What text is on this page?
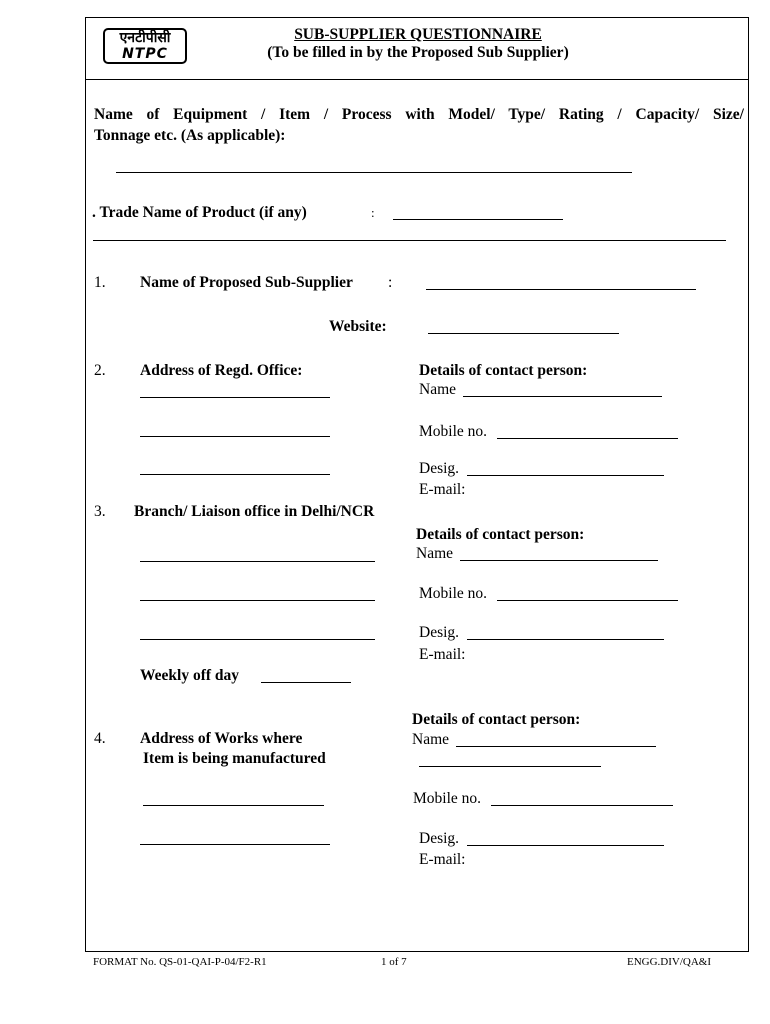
एनटीपीसी
NTPC
SUB-SUPPLIER QUESTIONNAIRE
(To be filled in by the Proposed Sub Supplier)
Name of Equipment / Item / Process with Model/ Type/ Rating / Capacity/ Size/
Tonnage etc. (As applicable):
. Trade Name of Product (if any)	:
1. Name of Proposed Sub-Supplier :
Website:
2. Address of Regd. Office:	Details of contact person:
Name
Mobile no.
Desig.
E-mail:
3. Branch/ Liaison office in Delhi/NCR
Details of contact person:
Name
Mobile no.
Desig.
E-mail:
Weekly off day
Details of contact person:
4. Address of Works where
Item is being manufactured
Name
Mobile no.
Desig.
E-mail:
FORMAT No. QS-01-QAI-P-04/F2-R1	1 of 7	ENGG.DIV/QA&I
